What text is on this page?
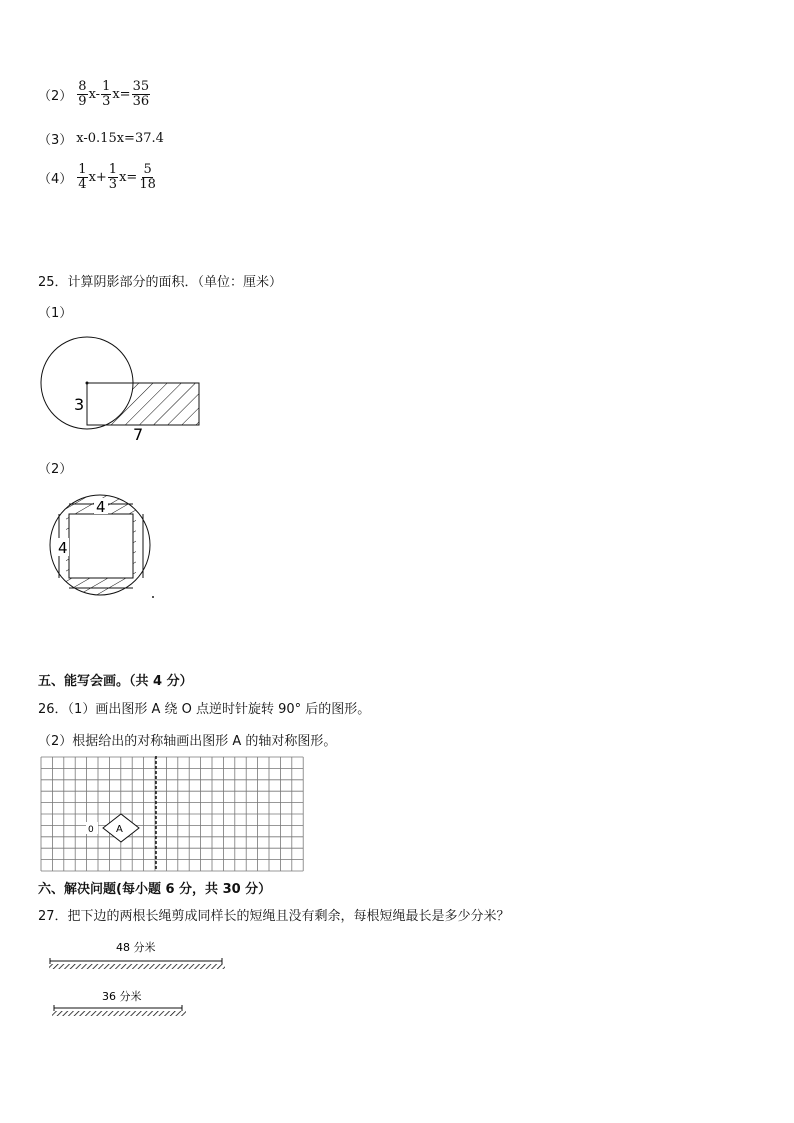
$(2) \frac{8}{9} x- \frac{1}{3} x= \frac{35}{36}$
（3） x-0.15x=37.4
$(4) \frac{1}{4} x+ \frac{1}{3} x= \frac{5}{18}$
25．计算阴影部分的面积．（单位：厘米）
（1）
3
7
（2）
4
4
五、能写会画。（共 4 分）
26．（1）画出图形 A 绕 O 点逆时针旋转 90° 后的图形。
（2）根据给出的对称轴画出图形 A 的轴对称图形。
A
0
六、解决问题(每小题 6 分，共 30 分）
27．把下边的两根长绳剪成同样长的短绳且没有剩余，每根短绳最长是多少分米？
48 分米
36 分米
